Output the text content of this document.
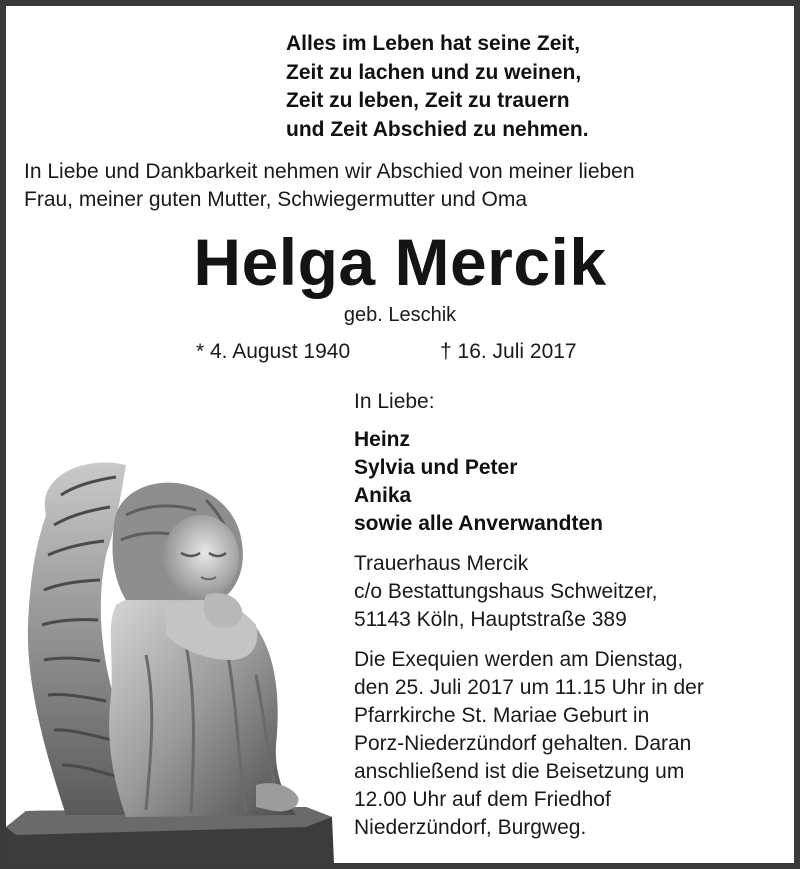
Alles im Leben hat seine Zeit,
Zeit zu lachen und zu weinen,
Zeit zu leben, Zeit zu trauern
und Zeit Abschied zu nehmen.
In Liebe und Dankbarkeit nehmen wir Abschied von meiner lieben
Frau, meiner guten Mutter, Schwiegermutter und Oma
Helga Mercik
geb. Leschik
* 4. August 1940	† 16. Juli 2017
In Liebe:
Heinz
Sylvia und Peter
Anika
sowie alle Anverwandten
Trauerhaus Mercik
c/o Bestattungshaus Schweitzer,
51143 Köln, Hauptstraße 389
Die Exequien werden am Dienstag,
den 25. Juli 2017 um 11.15 Uhr in der
Pfarrkirche St. Mariae Geburt in
Porz-Niederzündorf gehalten. Daran
anschließend ist die Beisetzung um
12.00 Uhr auf dem Friedhof
Niederzündorf, Burgweg.
